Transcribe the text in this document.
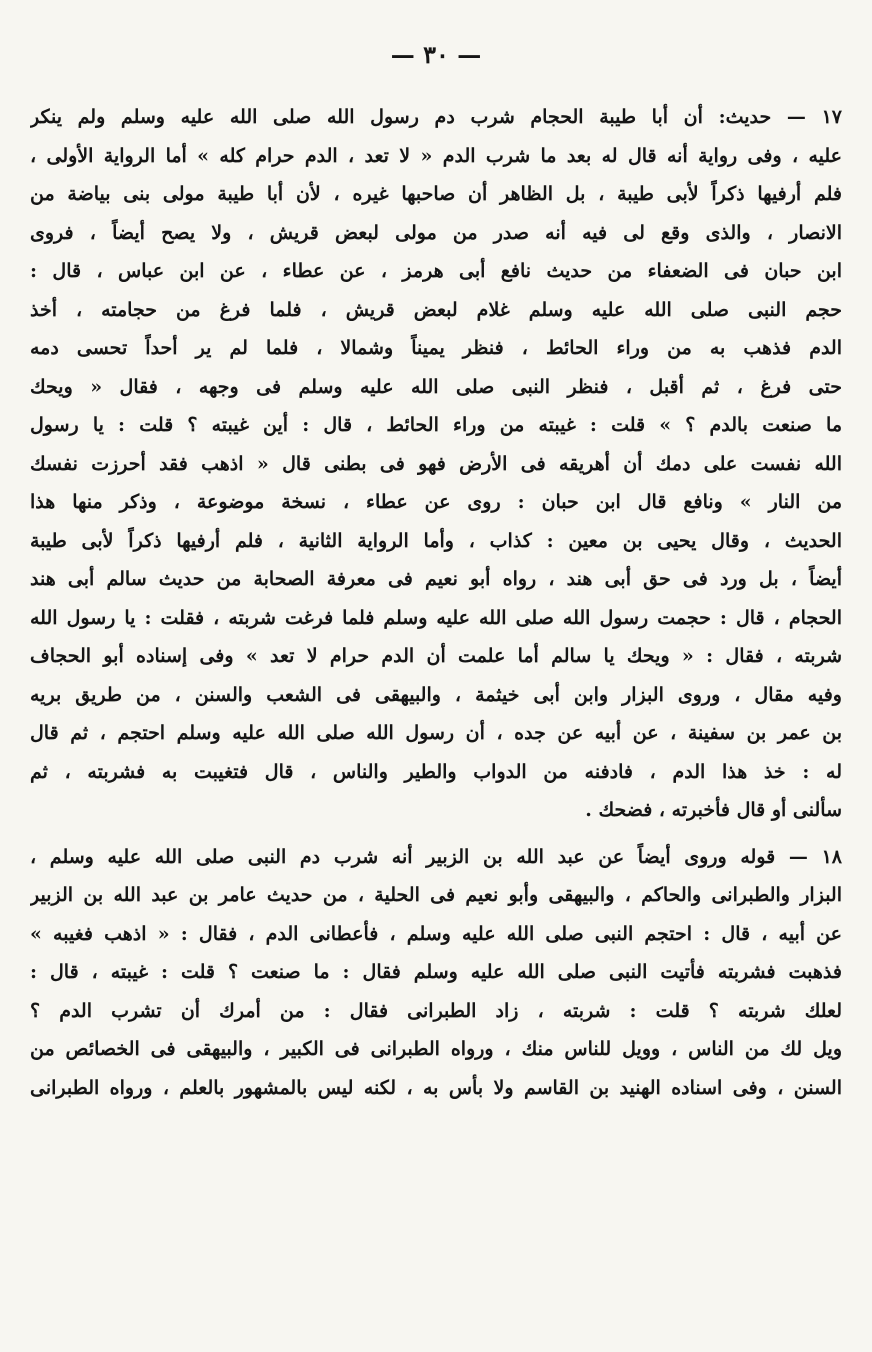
— ٣٠ —
١٧ — حديث: أن أبا طيبة الحجام شرب دم رسول الله صلى الله عليه وسلم ولم ينكر
عليه ، وفى رواية أنه قال له بعد ما شرب الدم « لا تعد ، الدم حرام كله » أما الرواية الأولى ،
فلم أرفيها ذكراً لأبى طيبة ، بل الظاهر أن صاحبها غيره ، لأن أبا طيبة مولى بنى بياضة من
الانصار ، والذى وقع لى فيه أنه صدر من مولى لبعض قريش ، ولا يصح أيضاً ، فروى
ابن حبان فى الضعفاء من حديث نافع أبى هرمز ، عن عطاء ، عن ابن عباس ، قال :
حجم النبى صلى الله عليه وسلم غلام لبعض قريش ، فلما فرغ من حجامته ، أخذ
الدم فذهب به من وراء الحائط ، فنظر يميناً وشمالا ، فلما لم ير أحداً تحسى دمه
حتى فرغ ، ثم أقبل ، فنظر النبى صلى الله عليه وسلم فى وجهه ، فقال « ويحك
ما صنعت بالدم ؟ » قلت : غيبته من وراء الحائط ، قال : أين غيبته ؟ قلت : يا رسول
الله نفست على دمك أن أهريقه فى الأرض فهو فى بطنى قال « اذهب فقد أحرزت نفسك
من النار » ونافع قال ابن حبان : روى عن عطاء ، نسخة موضوعة ، وذكر منها هذا
الحديث ، وقال يحيى بن معين : كذاب ، وأما الرواية الثانية ، فلم أرفيها ذكراً لأبى طيبة
أيضاً ، بل ورد فى حق أبى هند ، رواه أبو نعيم فى معرفة الصحابة من حديث سالم أبى هند
الحجام ، قال : حجمت رسول الله صلى الله عليه وسلم فلما فرغت شربته ، فقلت : يا رسول الله
شربته ، فقال : « ويحك يا سالم أما علمت أن الدم حرام لا تعد » وفى إسناده أبو الحجاف
وفيه مقال ، وروى البزار وابن أبى خيثمة ، والبيهقى فى الشعب والسنن ، من طريق بريه
بن عمر بن سفينة ، عن أبيه عن جده ، أن رسول الله صلى الله عليه وسلم احتجم ، ثم قال
له : خذ هذا الدم ، فادفنه من الدواب والطير والناس ، قال فتغيبت به فشربته ، ثم
سألنى أو قال فأخبرته ، فضحك .
١٨ — قوله وروى أيضاً عن عبد الله بن الزبير أنه شرب دم النبى صلى الله عليه وسلم ،
البزار والطبرانى والحاكم ، والبيهقى وأبو نعيم فى الحلية ، من حديث عامر بن عبد الله بن الزبير
عن أبيه ، قال : احتجم النبى صلى الله عليه وسلم ، فأعطانى الدم ، فقال : « اذهب فغيبه »
فذهبت فشربته فأتيت النبى صلى الله عليه وسلم فقال : ما صنعت ؟ قلت : غيبته ، قال :
لعلك شربته ؟ قلت : شربته ، زاد الطبرانى فقال : من أمرك أن تشرب الدم ؟
ويل لك من الناس ، وويل للناس منك ، ورواه الطبرانى فى الكبير ، والبيهقى فى الخصائص من
السنن ، وفى اسناده الهنيد بن القاسم ولا بأس به ، لكنه ليس بالمشهور بالعلم ، ورواه الطبرانى
